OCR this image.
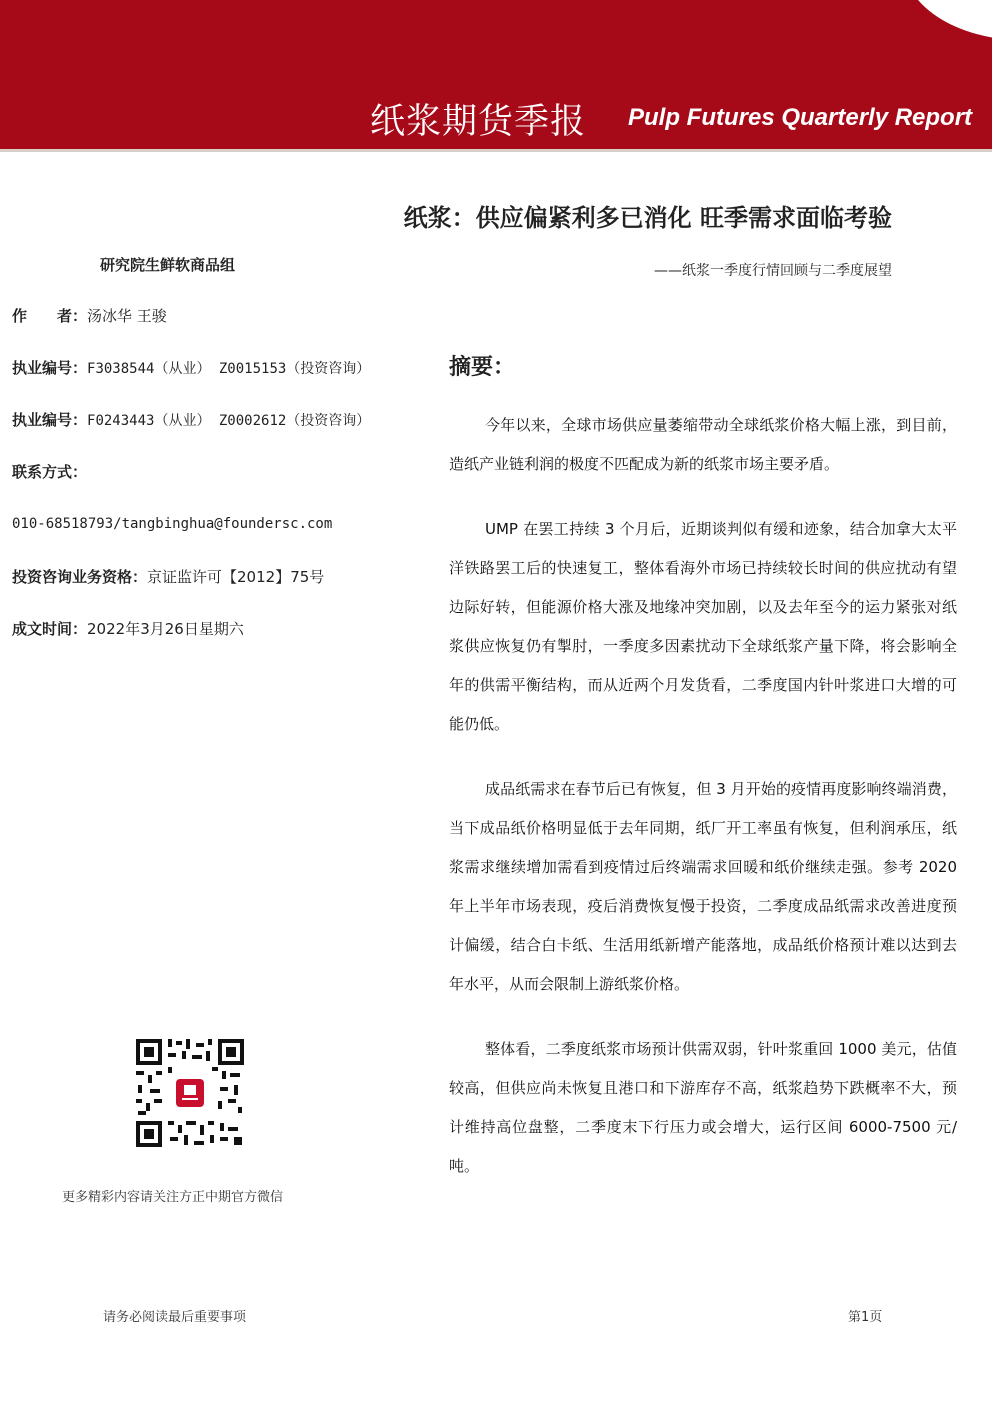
纸浆期货季报 Pulp Futures Quarterly Report
纸浆：供应偏紧利多已消化 旺季需求面临考验
——纸浆一季度行情回顾与二季度展望
研究院生鲜软商品组
作　　者：汤冰华 王骏
执业编号：F3038544（从业） Z0015153（投资咨询）
执业编号：F0243443（从业） Z0002612（投资咨询）
联系方式：
010-68518793/tangbinghua@foundersc.com
投资咨询业务资格：京证监许可【2012】75号
成文时间：2022年3月26日星期六
摘要：

今年以来，全球市场供应量萎缩带动全球纸浆价格大幅上涨，到目前，造纸产业链利润的极度不匹配成为新的纸浆市场主要矛盾。

UMP 在罢工持续 3 个月后，近期谈判似有缓和迹象，结合加拿大太平洋铁路罢工后的快速复工，整体看海外市场已持续较长时间的供应扰动有望边际好转，但能源价格大涨及地缘冲突加剧，以及去年至今的运力紧张对纸浆供应恢复仍有掣肘，一季度多因素扰动下全球纸浆产量下降，将会影响全年的供需平衡结构，而从近两个月发货看，二季度国内针叶浆进口大增的可能仍低。

成品纸需求在春节后已有恢复，但 3 月开始的疫情再度影响终端消费，当下成品纸价格明显低于去年同期，纸厂开工率虽有恢复，但利润承压，纸浆需求继续增加需看到疫情过后终端需求回暖和纸价继续走强。参考 2020 年上半年市场表现，疫后消费恢复慢于投资，二季度成品纸需求改善进度预计偏缓，结合白卡纸、生活用纸新增产能落地，成品纸价格预计难以达到去年水平，从而会限制上游纸浆价格。

整体看，二季度纸浆市场预计供需双弱，针叶浆重回 1000 美元，估值较高，但供应尚未恢复且港口和下游库存不高，纸浆趋势下跌概率不大，预计维持高位盘整，二季度末下行压力或会增大，运行区间 6000-7500 元/吨。

更多精彩内容请关注方正中期官方微信
请务必阅读最后重要事项	第1页
